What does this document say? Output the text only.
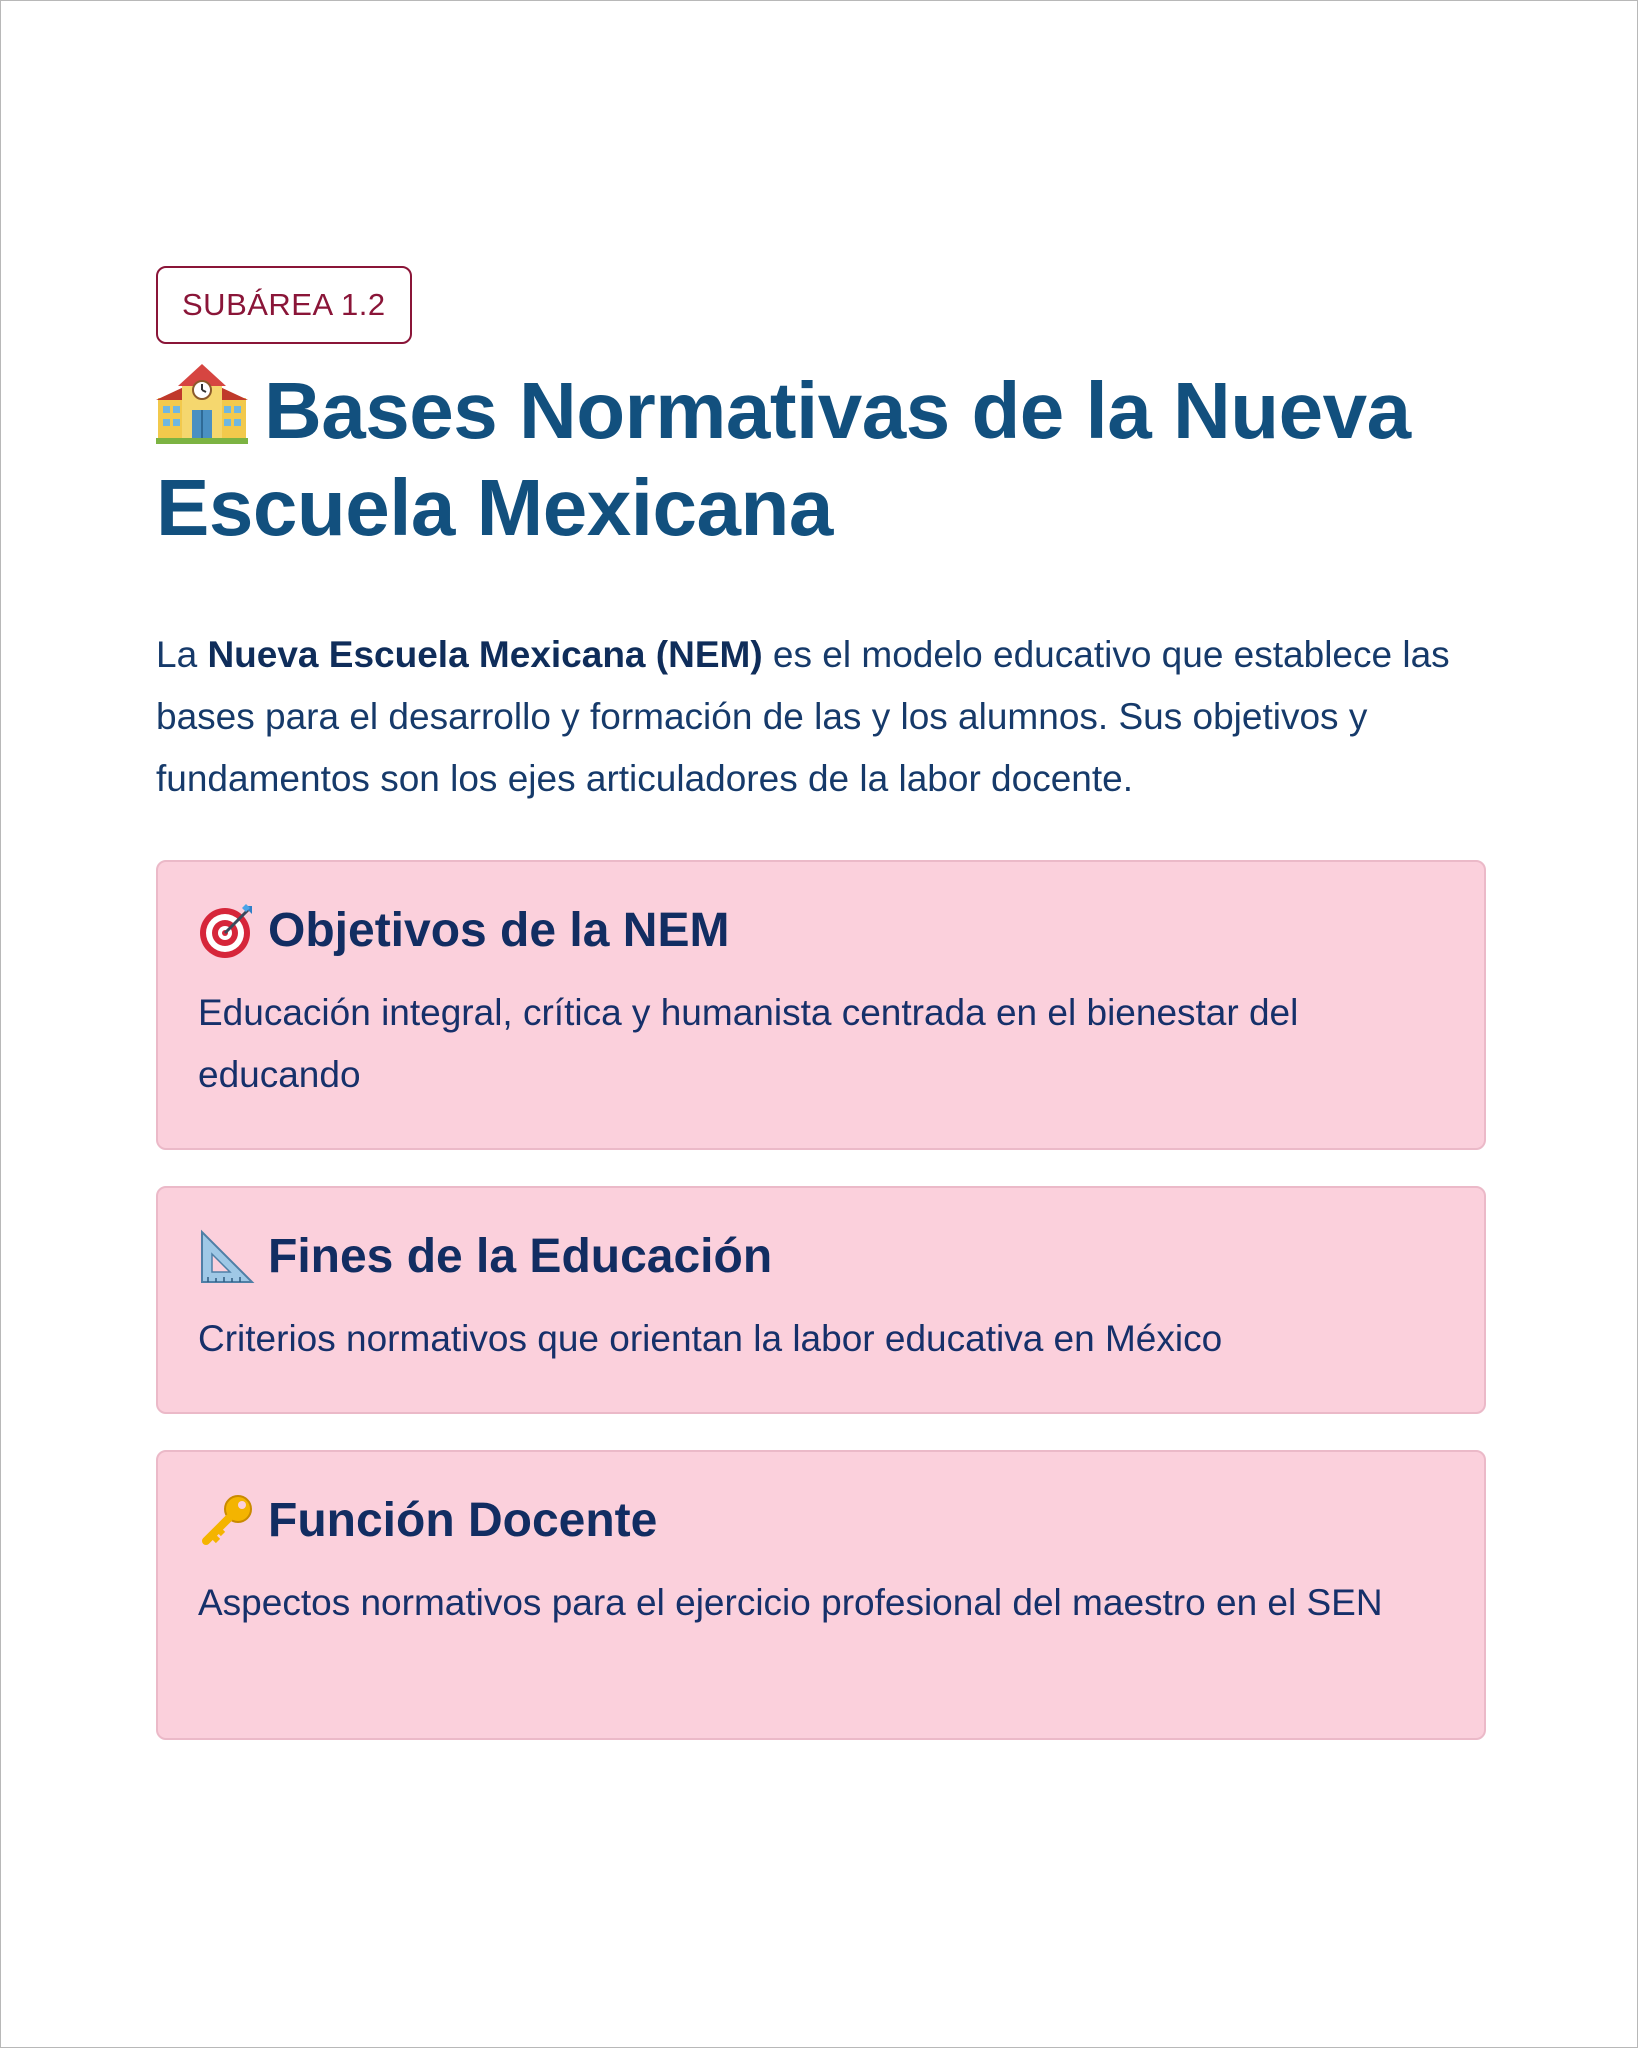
SUBÁREA 1.2
Bases Normativas de la Nueva Escuela Mexicana

La Nueva Escuela Mexicana (NEM) es el modelo educativo que establece las bases para el desarrollo y formación de las y los alumnos. Sus objetivos y fundamentos son los ejes articuladores de la labor docente.

Objetivos de la NEM
Educación integral, crítica y humanista centrada en el bienestar del educando
Fines de la Educación
Criterios normativos que orientan la labor educativa en México
Función Docente
Aspectos normativos para el ejercicio profesional del maestro en el SEN
